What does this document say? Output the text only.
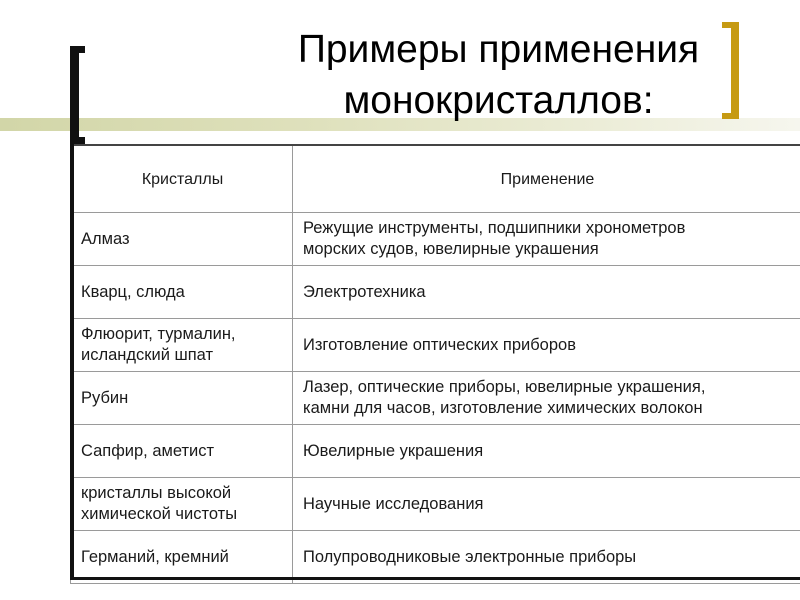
Примеры применения
монокристаллов:
Кристаллы	Применение

Алмаз	Режущие инструменты, подшипники хронометров
морских судов, ювелирные украшения

Кварц, слюда	Электротехника

Флюорит, турмалин,
исландский шпат	Изготовление оптических приборов

Рубин	Лазер, оптические приборы, ювелирные украшения,
камни для часов, изготовление химических волокон

Сапфир, аметист	Ювелирные украшения

кристаллы высокой
химической чистоты	Научные исследования

Германий, кремний	Полупроводниковые электронные приборы
